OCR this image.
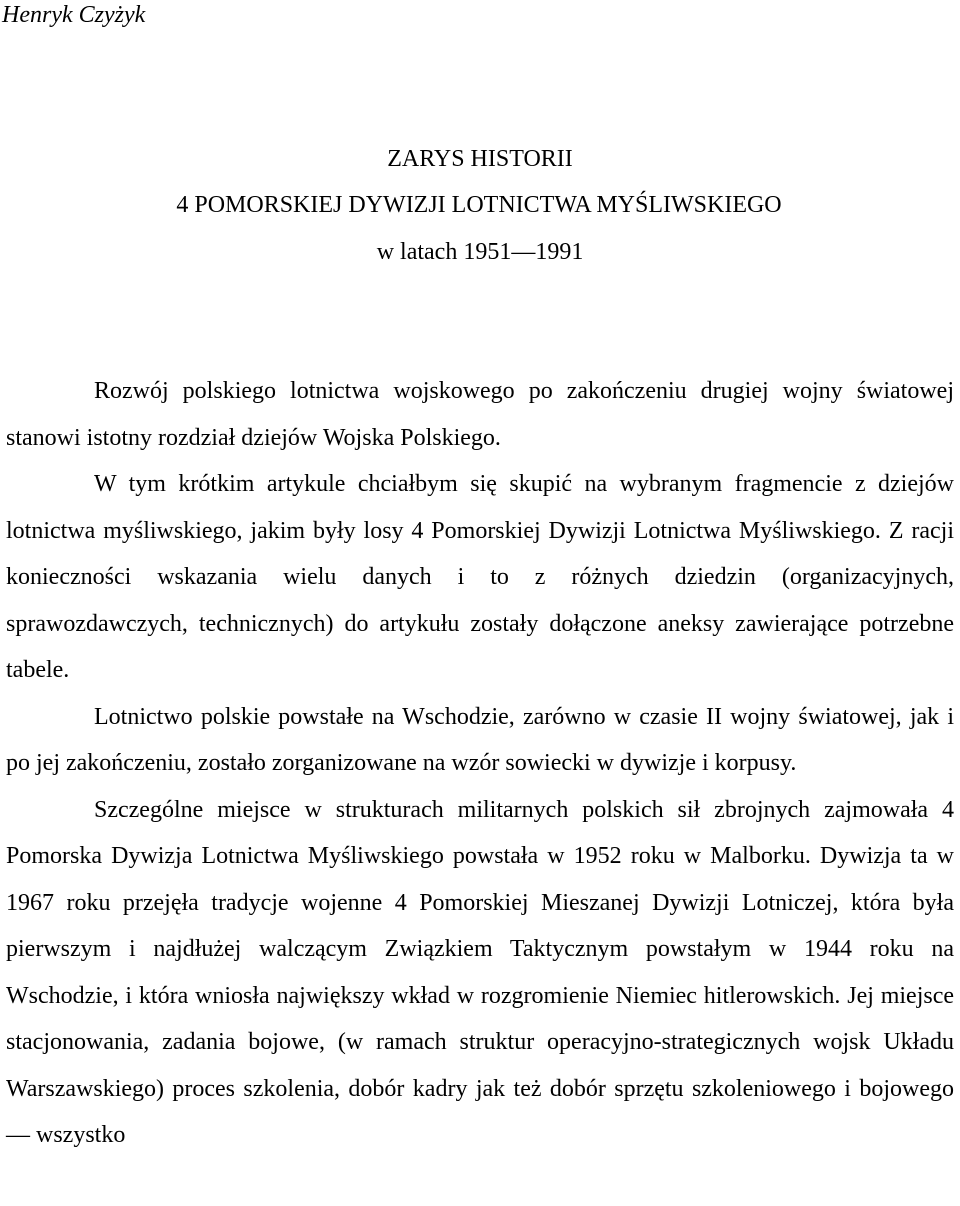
Henryk Czyżyk
ZARYS HISTORII
4 POMORSKIEJ DYWIZJI LOTNICTWA MYŚLIWSKIEGO
w latach 1951—1991

Rozwój polskiego lotnictwa wojskowego po zakończeniu drugiej wojny światowej stanowi istotny rozdział dziejów Wojska Polskiego.

W tym krótkim artykule chciałbym się skupić na wybranym fragmencie z dziejów lotnictwa myśliwskiego, jakim były losy 4 Pomorskiej Dywizji Lotnictwa Myśliwskiego. Z racji konieczności wskazania wielu danych i to z różnych dziedzin (organizacyjnych, sprawozdawczych, technicznych) do artykułu zostały dołączone aneksy zawierające potrzebne tabele.

Lotnictwo polskie powstałe na Wschodzie, zarówno w czasie II wojny światowej, jak i po jej zakończeniu, zostało zorganizowane na wzór sowiecki w dywizje i korpusy.

Szczególne miejsce w strukturach militarnych polskich sił zbrojnych zajmowała 4 Pomorska Dywizja Lotnictwa Myśliwskiego powstała w 1952 roku w Malborku. Dywizja ta w 1967 roku przejęła tradycje wojenne 4 Pomorskiej Mieszanej Dywizji Lotniczej, która była pierwszym i najdłużej walczącym Związkiem Taktycznym powstałym w 1944 roku na Wschodzie, i która wniosła największy wkład w rozgromienie Niemiec hitlerowskich. Jej miejsce stacjonowania, zadania bojowe, (w ramach struktur operacyjno-strategicznych wojsk Układu Warszawskiego) proces szkolenia, dobór kadry jak też dobór sprzętu szkoleniowego i bojowego — wszystko
